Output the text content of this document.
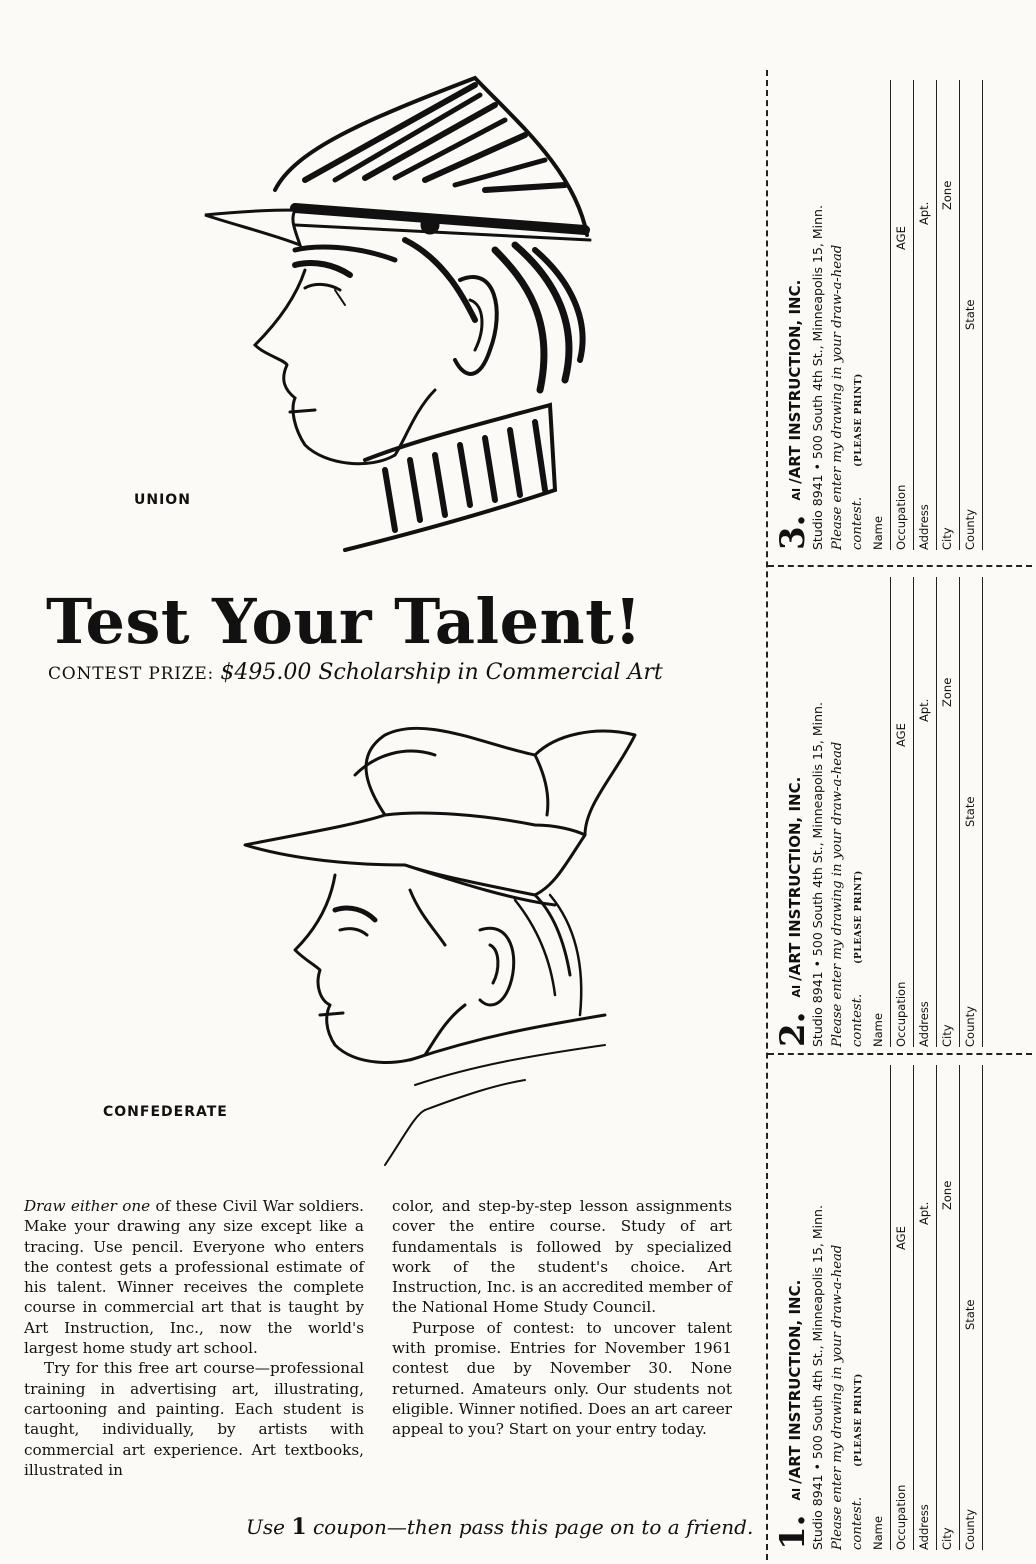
UNION
Test Your Talent!
CONTEST PRIZE: $495.00 Scholarship in Commercial Art
CONFEDERATE

Draw either one of these Civil War soldiers. Make your drawing any size except like a tracing. Use pencil. Everyone who enters the contest gets a professional estimate of his talent. Winner receives the complete course in commercial art that is taught by Art Instruction, Inc., now the world's largest home study art school.

Try for this free art course—professional training in advertising art, illustrating, cartooning and painting. Each student is taught, individually, by artists with commercial art experience. Art textbooks, illustrated in

color, and step-by-step lesson assignments cover the entire course. Study of art fundamentals is followed by specialized work of the student's choice. Art Instruction, Inc. is an accredited member of the National Home Study Council.

Purpose of contest: to uncover talent with promise. Entries for November 1961 contest due by November 30. None returned. Amateurs only. Our students not eligible. Winner notified. Does an art career appeal to you? Start on your entry today.

Use 1 coupon—then pass this page on to a friend.
3.AI/ART INSTRUCTION, INC. Studio 8941 • 500 South 4th St., Minneapolis 15, Minn. Please enter my drawing in your draw-a-head contest.(PLEASE PRINT)
Name Occupation
AGE
Address
Apt.
City
Zone
County
State
2.AI/ART INSTRUCTION, INC. Studio 8941 • 500 South 4th St., Minneapolis 15, Minn. Please enter my drawing in your draw-a-head contest.(PLEASE PRINT)
Name Occupation
AGE
Address
Apt.
City
Zone
County
State
1.AI/ART INSTRUCTION, INC. Studio 8941 • 500 South 4th St., Minneapolis 15, Minn. Please enter my drawing in your draw-a-head contest.(PLEASE PRINT)
Name Occupation
AGE
Address
Apt.
City
Zone
County
State
